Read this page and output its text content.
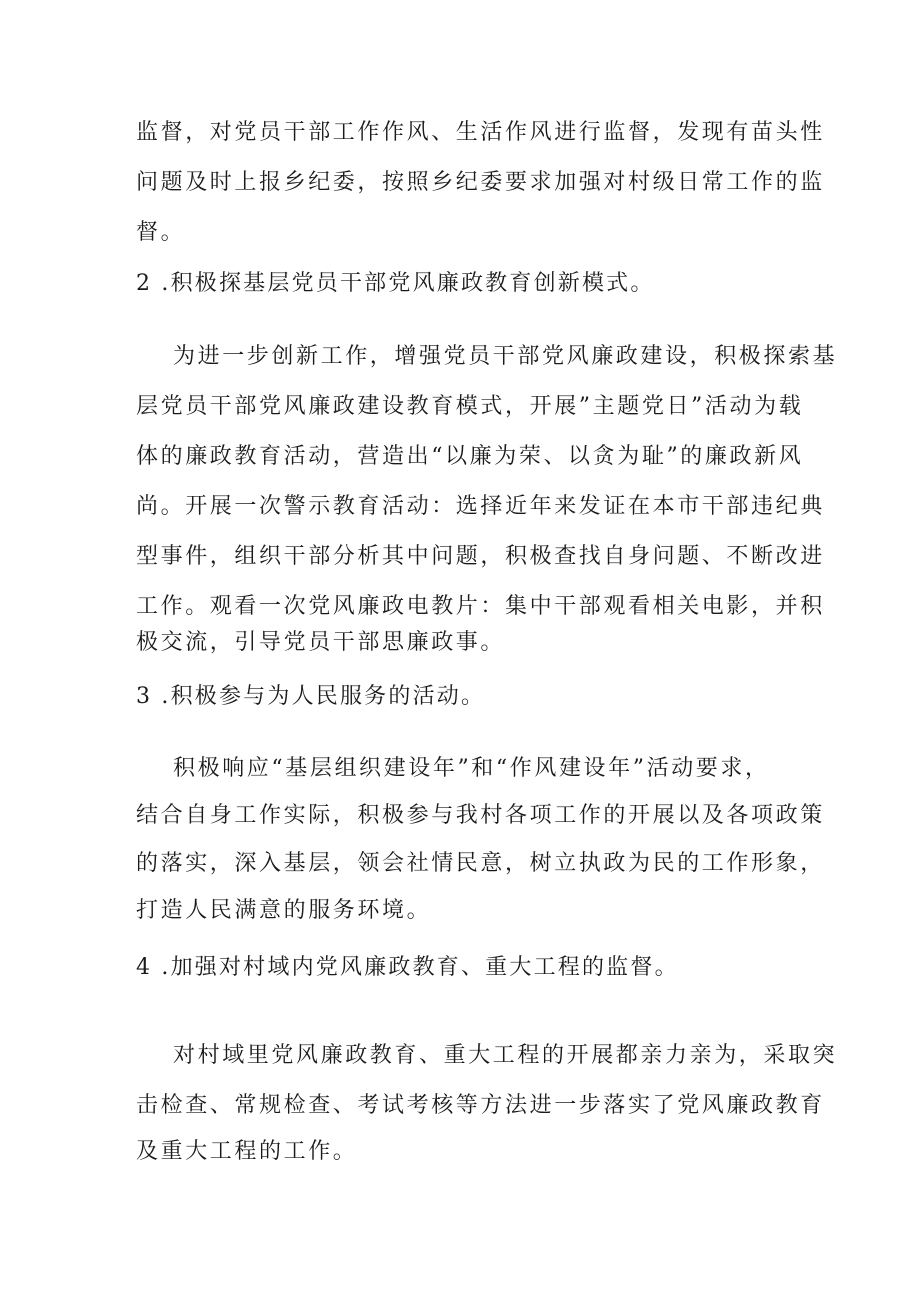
监督，对党员干部工作作风、生活作风进行监督，发现有苗头性
问题及时上报乡纪委，按照乡纪委要求加强对村级日常工作的监
督。
2 .积极探基层党员干部党风廉政教育创新模式。
为进一步创新工作，增强党员干部党风廉政建设，积极探索基
层党员干部党风廉政建设教育模式，开展”主题党日”活动为载
体的廉政教育活动，营造出“以廉为荣、以贪为耻”的廉政新风
尚。开展一次警示教育活动：选择近年来发证在本市干部违纪典
型事件，组织干部分析其中问题，积极查找自身问题、不断改进
工作。观看一次党风廉政电教片：集中干部观看相关电影，并积
极交流，引导党员干部思廉政事。
3 .积极参与为人民服务的活动。
积极响应“基层组织建设年”和“作风建设年”活动要求，
结合自身工作实际，积极参与我村各项工作的开展以及各项政策
的落实，深入基层，领会社情民意，树立执政为民的工作形象，
打造人民满意的服务环境。
4 .加强对村域内党风廉政教育、重大工程的监督。
对村域里党风廉政教育、重大工程的开展都亲力亲为，采取突
击检查、常规检查、考试考核等方法进一步落实了党风廉政教育
及重大工程的工作。
